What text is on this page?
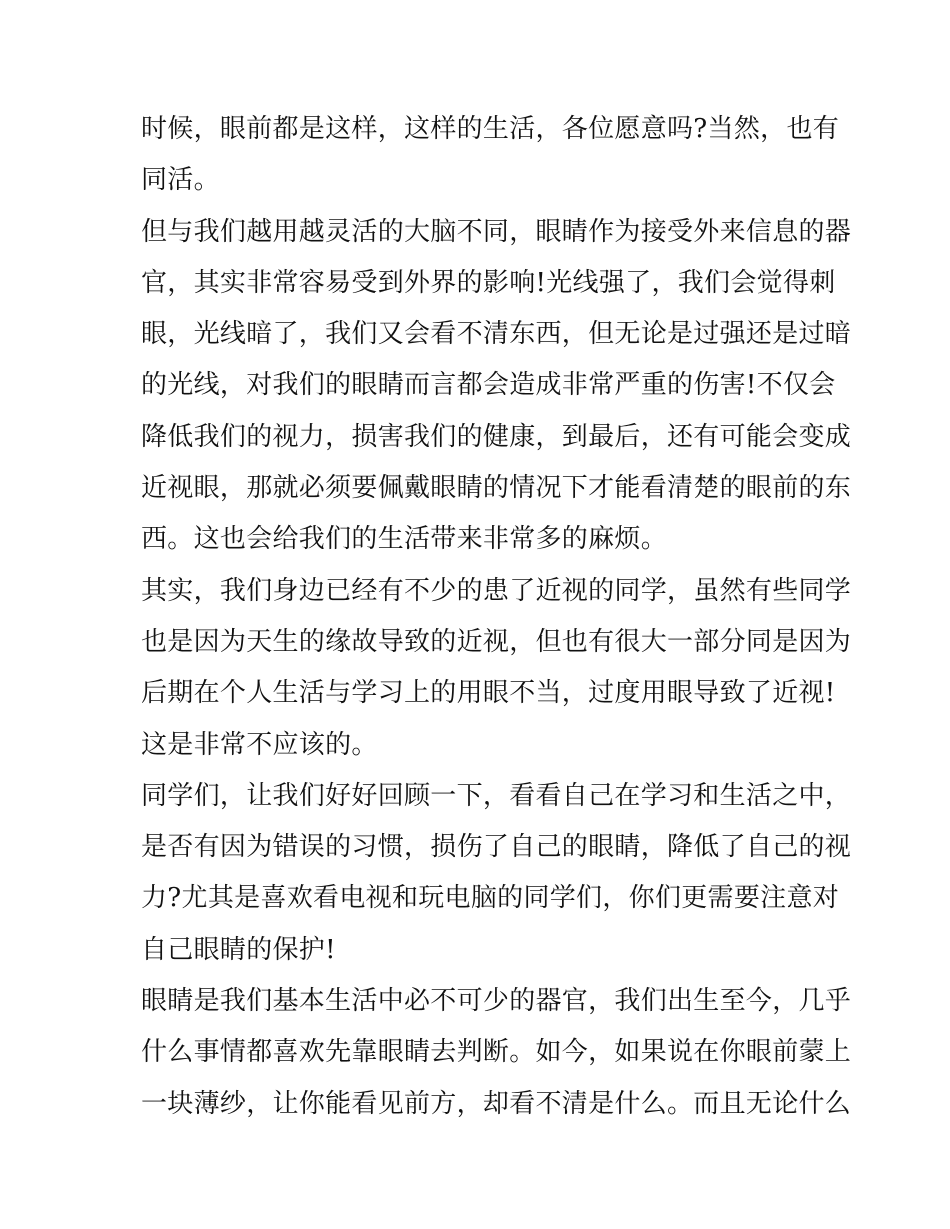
时候，眼前都是这样，这样的生活，各位愿意吗?当然，也有
同活。
但与我们越用越灵活的大脑不同，眼睛作为接受外来信息的器
官，其实非常容易受到外界的影响!光线强了，我们会觉得刺
眼，光线暗了，我们又会看不清东西，但无论是过强还是过暗
的光线，对我们的眼睛而言都会造成非常严重的伤害!不仅会
降低我们的视力，损害我们的健康，到最后，还有可能会变成
近视眼，那就必须要佩戴眼睛的情况下才能看清楚的眼前的东
西。这也会给我们的生活带来非常多的麻烦。
其实，我们身边已经有不少的患了近视的同学，虽然有些同学
也是因为天生的缘故导致的近视，但也有很大一部分同是因为
后期在个人生活与学习上的用眼不当，过度用眼导致了近视!
这是非常不应该的。
同学们，让我们好好回顾一下，看看自己在学习和生活之中，
是否有因为错误的习惯，损伤了自己的眼睛，降低了自己的视
力?尤其是喜欢看电视和玩电脑的同学们，你们更需要注意对
自己眼睛的保护!
眼睛是我们基本生活中必不可少的器官，我们出生至今，几乎
什么事情都喜欢先靠眼睛去判断。如今，如果说在你眼前蒙上
一块薄纱，让你能看见前方，却看不清是什么。而且无论什么
